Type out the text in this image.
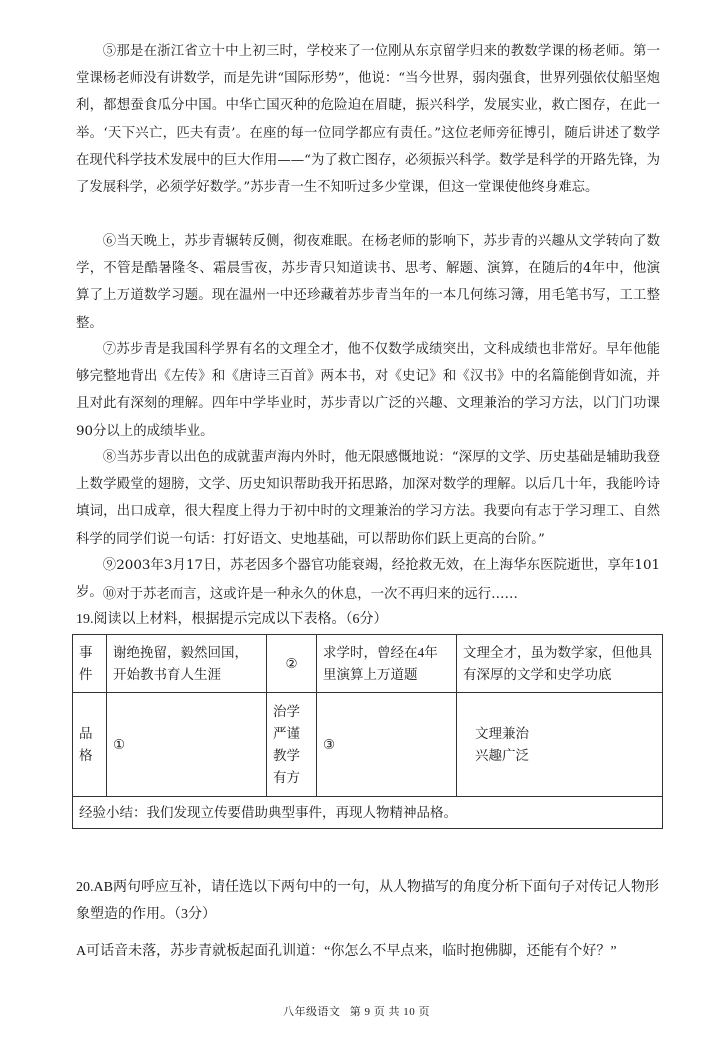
⑤那是在浙江省立十中上初三时，学校来了一位刚从东京留学归来的教数学课的杨老师。第一堂课杨老师没有讲数学，而是先讲“国际形势”，他说：“当今世界，弱肉强食，世界列强依仗船坚炮利，都想蚕食瓜分中国。中华亡国灭种的危险迫在眉睫，振兴科学，发展实业，救亡图存，在此一举。‘天下兴亡，匹夫有责’。在座的每一位同学都应有责任。”这位老师旁征博引，随后讲述了数学在现代科学技术发展中的巨大作用——“为了救亡图存，必须振兴科学。数学是科学的开路先锋，为了发展科学，必须学好数学。”苏步青一生不知听过多少堂课，但这一堂课使他终身难忘。

⑥当天晚上，苏步青辗转反侧，彻夜难眠。在杨老师的影响下，苏步青的兴趣从文学转向了数学，不管是酷暑隆冬、霜晨雪夜，苏步青只知道读书、思考、解题、演算，在随后的4年中，他演算了上万道数学习题。现在温州一中还珍藏着苏步青当年的一本几何练习簿，用毛笔书写，工工整整。

⑦苏步青是我国科学界有名的文理全才，他不仅数学成绩突出，文科成绩也非常好。早年他能够完整地背出《左传》和《唐诗三百首》两本书，对《史记》和《汉书》中的名篇能倒背如流，并且对此有深刻的理解。四年中学毕业时，苏步青以广泛的兴趣、文理兼治的学习方法，以门门功课90分以上的成绩毕业。

⑧当苏步青以出色的成就蜚声海内外时，他无限感慨地说：“深厚的文学、历史基础是辅助我登上数学殿堂的翅膀，文学、历史知识帮助我开拓思路，加深对数学的理解。以后几十年，我能吟诗填词，出口成章，很大程度上得力于初中时的文理兼治的学习方法。我要向有志于学习理工、自然科学的同学们说一句话：打好语文、史地基础，可以帮助你们跃上更高的台阶。”

⑨2003年3月17日，苏老因多个器官功能衰竭，经抢救无效，在上海华东医院逝世，享年101岁。 ⑩对于苏老而言，这或许是一种永久的休息，一次不再归来的远行……

19.阅读以上材料，根据提示完成以下表格。（6分）

事件	谢绝挽留，毅然回国，开始教书育人生涯	②	求学时，曾经在4年里演算上万道题	文理全才，虽为数学家，但他具有深厚的文学和史学功底
品格	①	治学严谨教学有方	③	文理兼治
兴趣广泛

经验小结：我们发现立传要借助典型事件，再现人物精神品格。				

20.AB两句呼应互补，请任选以下两句中的一句，从人物描写的角度分析下面句子对传记人物形象塑造的作用。（3分）

A可话音未落，苏步青就板起面孔训道：“你怎么不早点来，临时抱佛脚，还能有个好？”

八年级语文 第 9 页 共 10 页
